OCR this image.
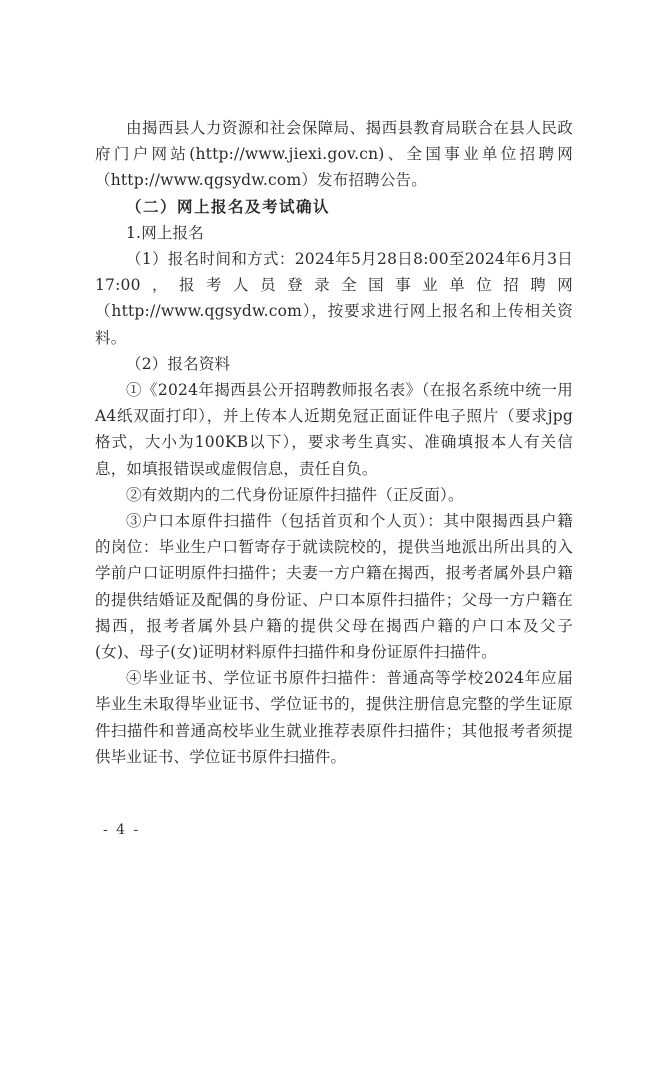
由揭西县人力资源和社会保障局、揭西县教育局联合在县人民政府门户网站(http://www.jiexi.gov.cn)、全国事业单位招聘网（http://www.qgsydw.com）发布招聘公告。

（二）网上报名及考试确认

1.网上报名

（1）报名时间和方式：2024年5月28日8:00至2024年6月3日 17:00，报考人员登录全国事业单位招聘网（http://www.qgsydw.com），按要求进行网上报名和上传相关资料。

（2）报名资料

①《2024年揭西县公开招聘教师报名表》（在报名系统中统一用A4纸双面打印），并上传本人近期免冠正面证件电子照片（要求jpg格式，大小为100KB以下），要求考生真实、准确填报本人有关信息，如填报错误或虚假信息，责任自负。

②有效期内的二代身份证原件扫描件（正反面）。

③户口本原件扫描件（包括首页和个人页）：其中限揭西县户籍的岗位：毕业生户口暂寄存于就读院校的，提供当地派出所出具的入学前户口证明原件扫描件；夫妻一方户籍在揭西，报考者属外县户籍的提供结婚证及配偶的身份证、户口本原件扫描件；父母一方户籍在揭西，报考者属外县户籍的提供父母在揭西户籍的户口本及父子(女)、母子(女)证明材料原件扫描件和身份证原件扫描件。

④毕业证书、学位证书原件扫描件：普通高等学校2024年应届毕业生未取得毕业证书、学位证书的，提供注册信息完整的学生证原件扫描件和普通高校毕业生就业推荐表原件扫描件；其他报考者须提供毕业证书、学位证书原件扫描件。

- 4 -
